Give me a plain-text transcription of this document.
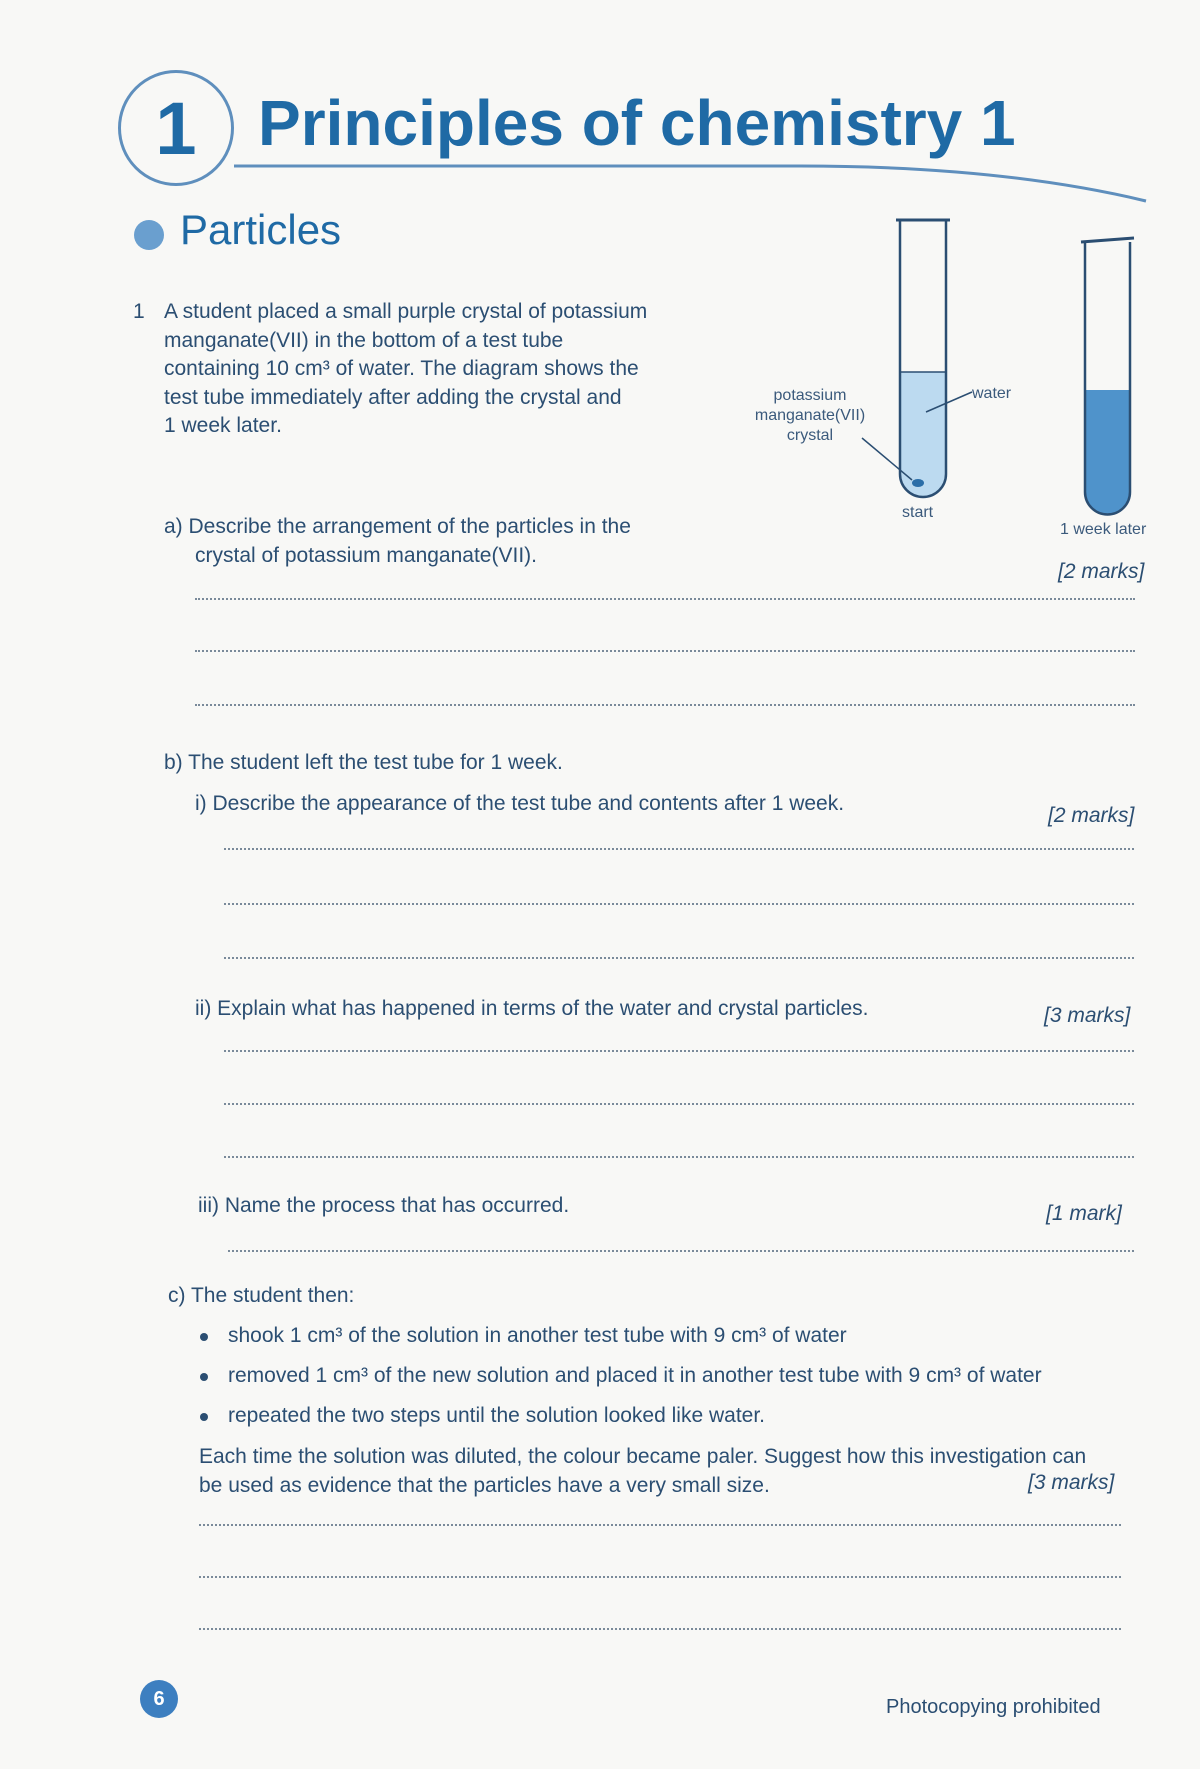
1 Principles of chemistry 1
Particles
1 A student placed a small purple crystal of potassium
manganate(VII) in the bottom of a test tube
containing 10 cm³ of water. The diagram shows the
test tube immediately after adding the crystal and
1 week later.
potassium
manganate(VII)
crystal
water
start
1 week later
a) Describe the arrangement of the particles in the
crystal of potassium manganate(VII).
[2 marks]
b) The student left the test tube for 1 week.
i) Describe the appearance of the test tube and contents after 1 week.
[2 marks]
ii) Explain what has happened in terms of the water and crystal particles.	[3 marks]
iii) Name the process that has occurred.	[1 mark]
c) The student then:
shook 1 cm³ of the solution in another test tube with 9 cm³ of water
removed 1 cm³ of the new solution and placed it in another test tube with 9 cm³ of water
repeated the two steps until the solution looked like water.
Each time the solution was diluted, the colour became paler. Suggest how this investigation can
be used as evidence that the particles have a very small size.	[3 marks]
6	Photocopying prohibited
